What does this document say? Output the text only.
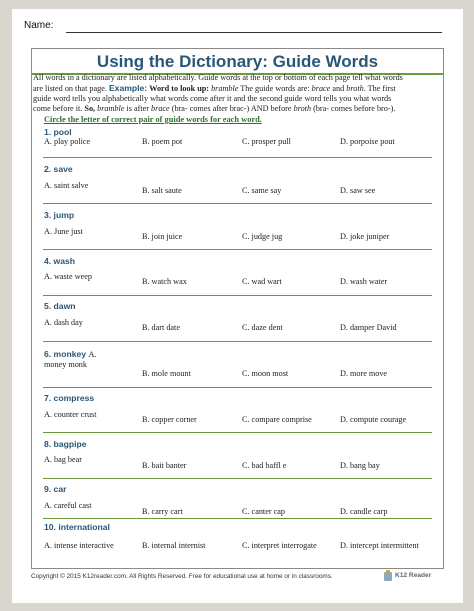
Name:
Using the Dictionary: Guide Words
All words in a dictionary are listed alphabetically. Guide words at the top or bottom of each page tell what words
are listed on that page. Example: Word to look up: bramble The guide words are: brace and broth. The first
guide word tells you alphabetically what words come after it and the second guide word tells you what words
come before it. So, bramble is after brace (bra- comes after brac-) AND before broth (bra- comes before bro-).
Circle the letter of correct pair of guide words for each word.
1. pool
A. play police	B. poem pot	C. prosper pull	D. porpoise pout
2. save
A. saint salve
B. salt saute	C. same say	D. saw see
3. jump
A. June just
B. join juice	C. judge jug	D. joke juniper
4. wash
A. waste weep
B. watch wax	C. wad wart	D. wash water
5. dawn
A. dash day
B. dart date	C. daze dent	D. damper David
6. monkey A.
money monk
B. mole mount	C. moon most	D. more move
7. compress
A. counter crust
B. copper corner	C. compare comprise	D. compute courage
8. bagpipe
A. bag bear
B. bait banter	C. bad baffl e	D. bang bay
9. car
A. careful cast
B. carry cart	C. canter cap	D. candle carp
10. international
A. intense interactive	B. internal internist	C. interpret interrogate	D. intercept intermittent
Copyright © 2015 K12reader.com. All Rights Reserved. Free for educational use at home or in classrooms.	K12 Reader
